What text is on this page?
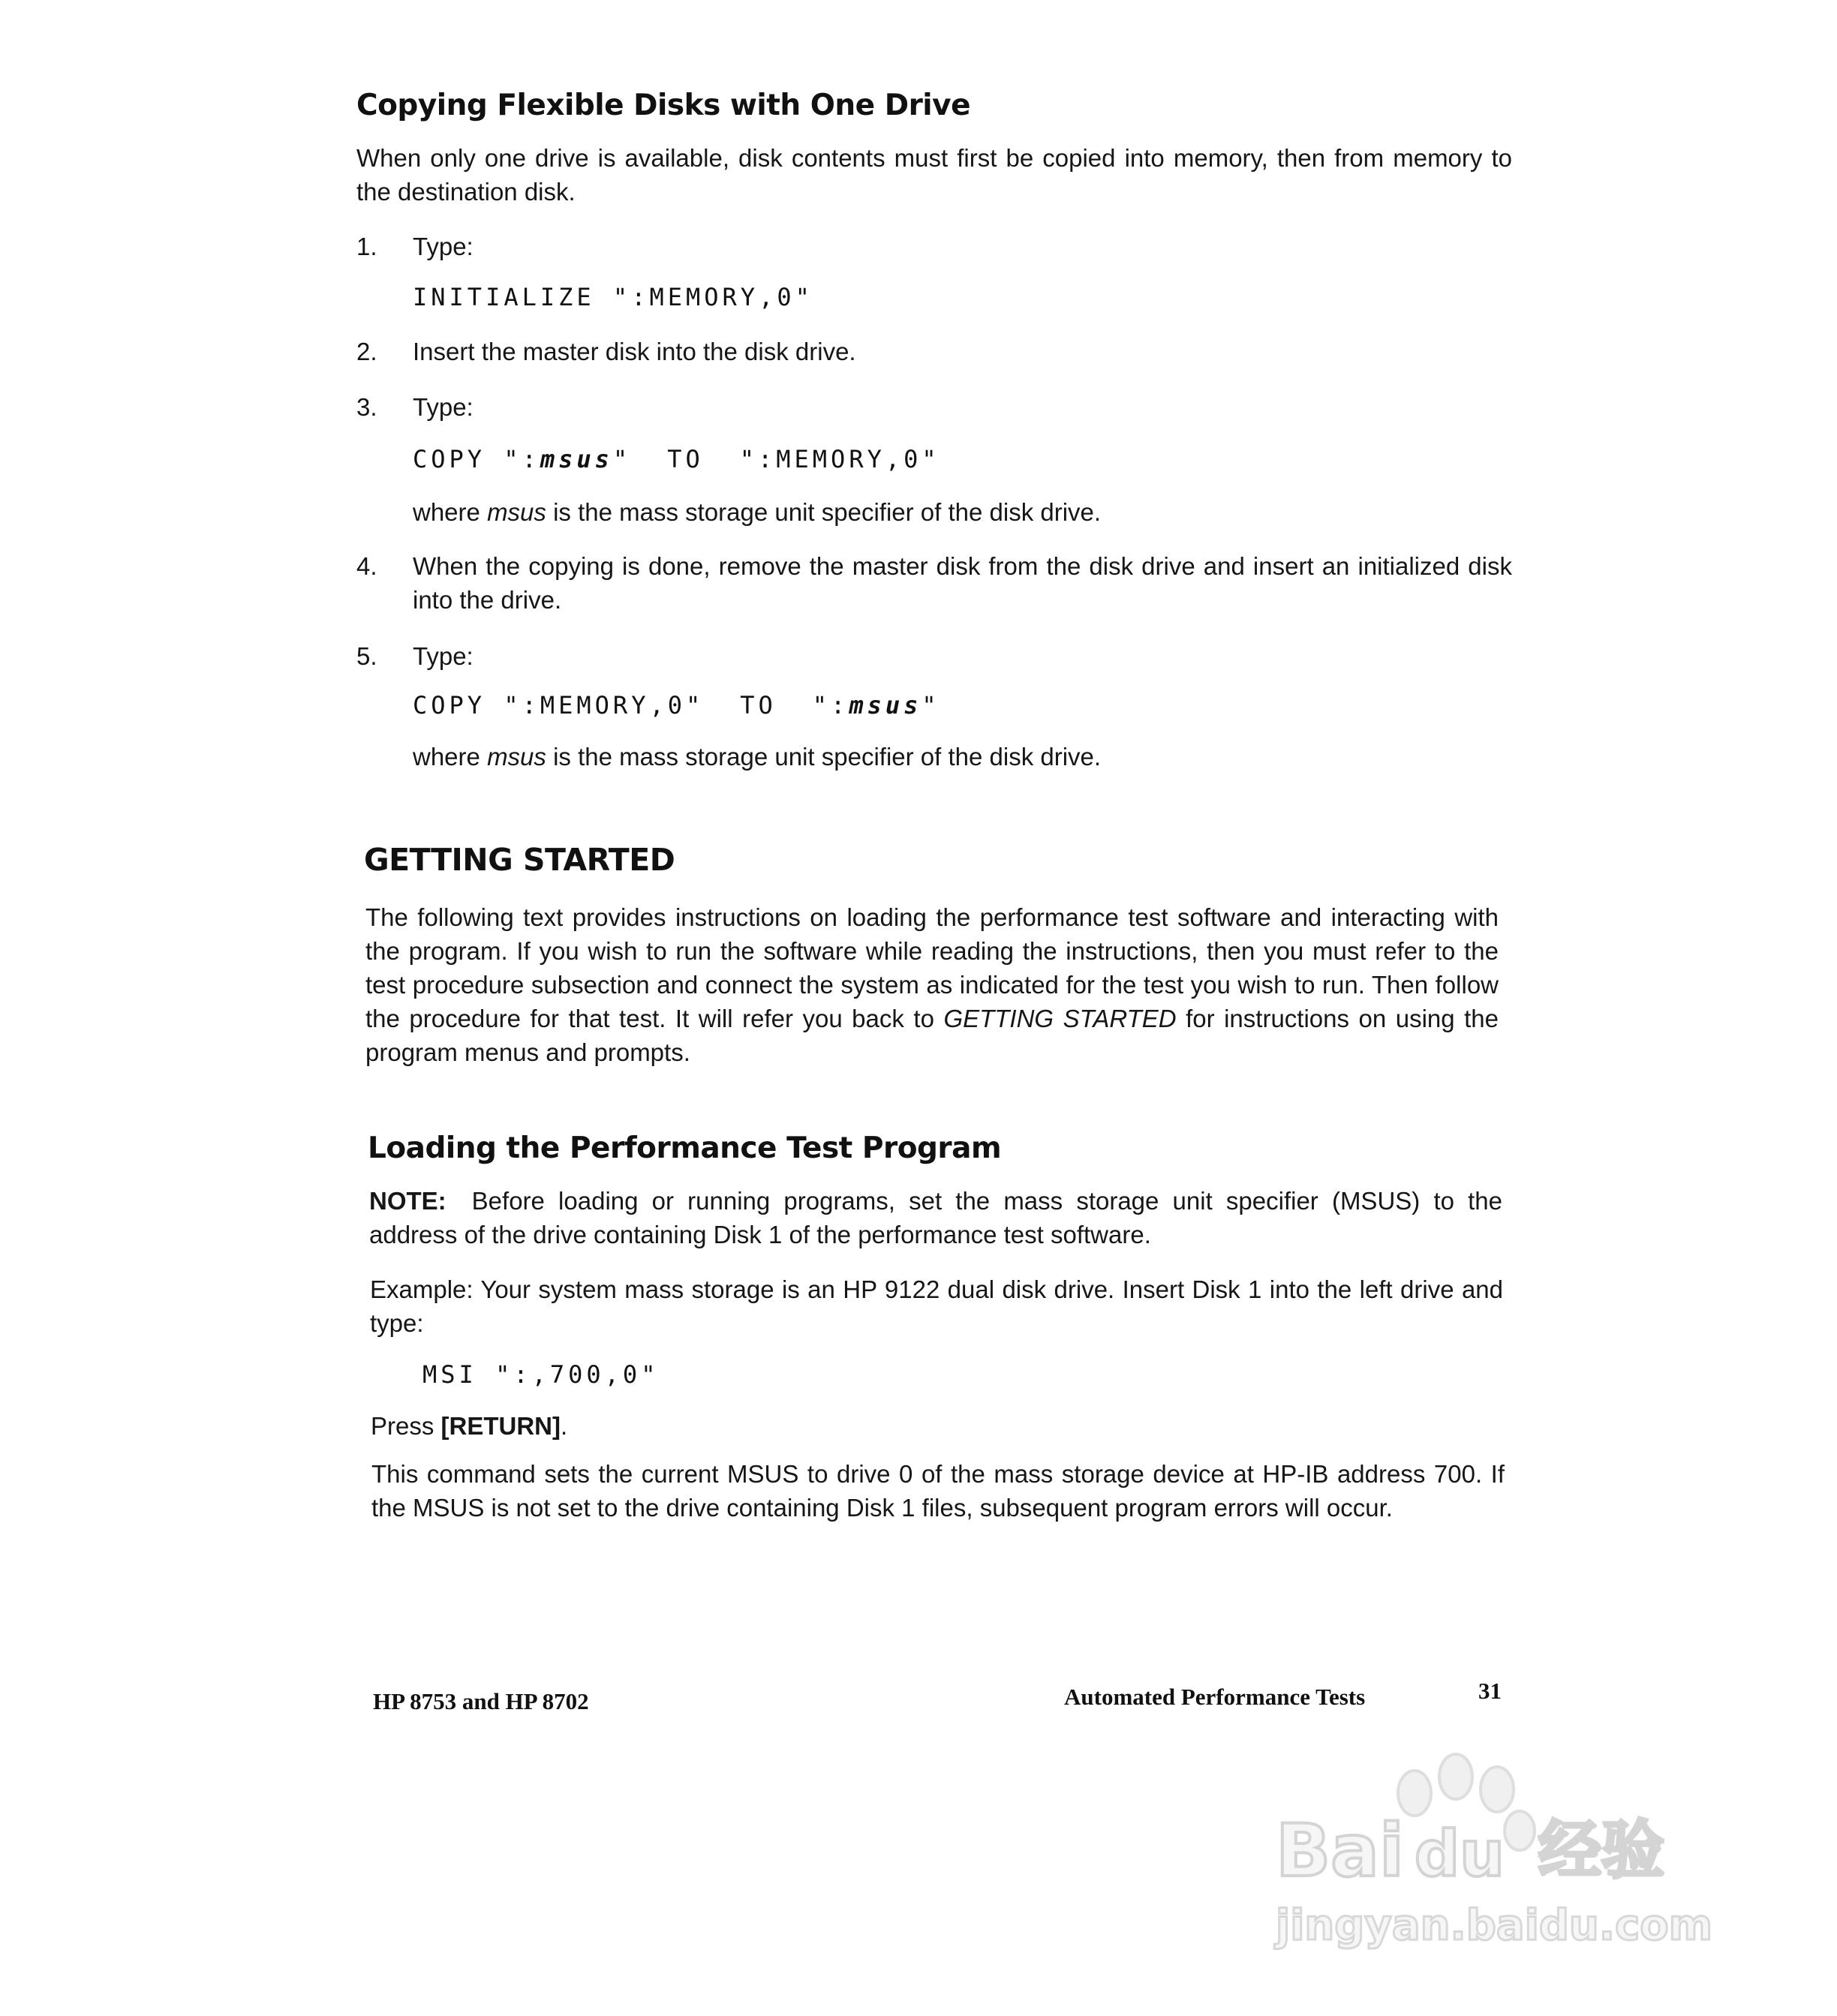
Copying Flexible Disks with One Drive

When only one drive is available, disk contents must first be copied into memory, then from memory to the destination disk.

1.	Type:

INITIALIZE ":MEMORY,0"
2.	Insert the master disk into the disk drive.

3.	Type:

COPY ":msus" TO ":MEMORY,0"

where msus is the mass storage unit specifier of the disk drive.

4.	When the copying is done, remove the master disk from the disk drive and insert an initialized disk into the drive.

5.	Type:

COPY ":MEMORY,0" TO ":msus"

where msus is the mass storage unit specifier of the disk drive.

GETTING STARTED

The following text provides instructions on loading the performance test software and interacting with the program. If you wish to run the software while reading the instructions, then you must refer to the test procedure subsection and connect the system as indicated for the test you wish to run. Then follow the procedure for that test. It will refer you back to GETTING STARTED for instructions on using the program menus and prompts.

Loading the Performance Test Program

NOTE: Before loading or running programs, set the mass storage unit specifier (MSUS) to the address of the drive containing Disk 1 of the performance test software.

Example: Your system mass storage is an HP 9122 dual disk drive. Insert Disk 1 into the left drive and type:

MSI ":,700,0"

Press [RETURN].

This command sets the current MSUS to drive 0 of the mass storage device at HP-IB address 700. If the MSUS is not set to the drive containing Disk 1 files, subsequent program errors will occur.

HP 8753 and HP 8702	Automated Performance Tests	31
Bai du 经验
jingyan.baidu.com
